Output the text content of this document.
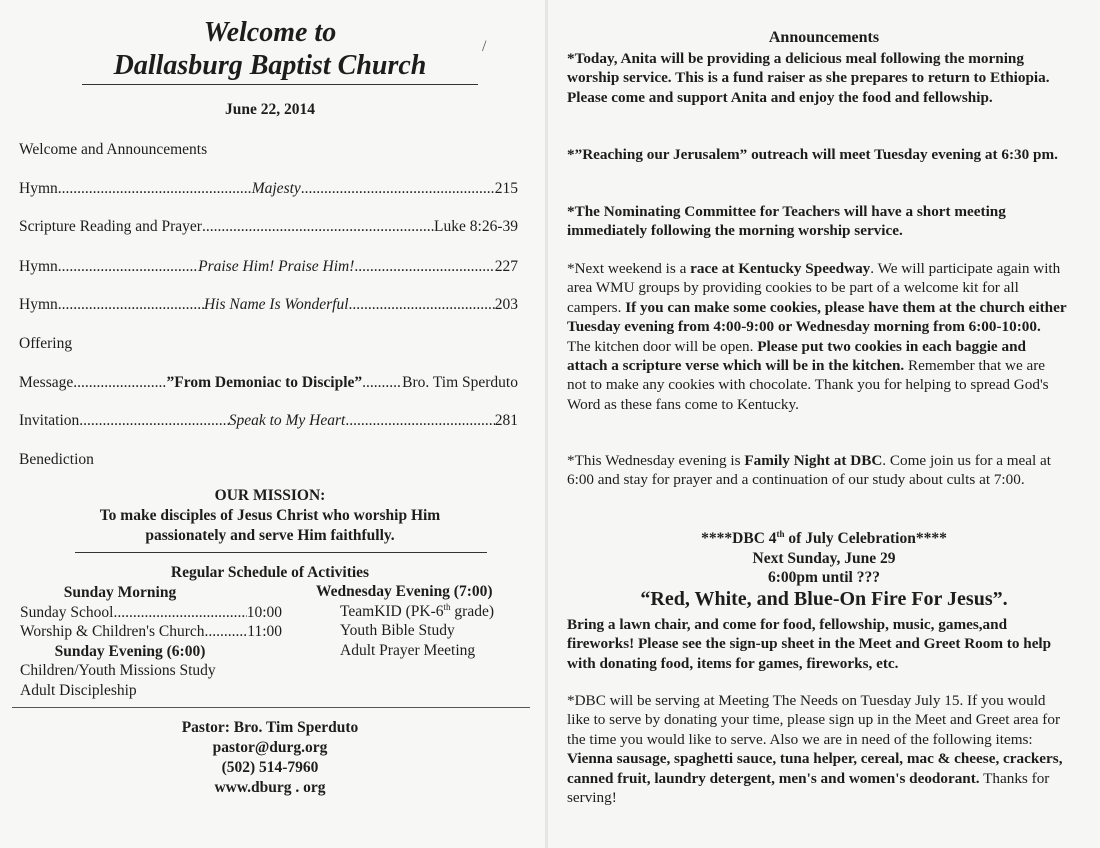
Welcome to
Dallasburg Baptist Church
/
June 22, 2014
Welcome and Announcements
Hymn .....	Majesty .....	215
Scripture Reading and Prayer .....	Luke 8:26-39
Hymn .....	Praise Him! Praise Him! .....	227
Hymn .....	His Name Is Wonderful .....	203
Offering
Message .....	”From Demoniac to Disciple” .....	Bro. Tim Sperduto
Invitation .....	Speak to My Heart .....	281
Benediction
OUR MISSION:
To make disciples of Jesus Christ who worship Him
passionately and serve Him faithfully.
Regular Schedule of Activities
Sunday Morning
Sunday School .....	10:00
Worship & Children's Church .....	11:00
Sunday Evening (6:00)
Children/Youth Missions Study
Adult Discipleship
Wednesday Evening (7:00)
TeamKID (PK-6th grade)
Youth Bible Study
Adult Prayer Meeting
Pastor: Bro. Tim Sperduto
pastor@durg.org
(502) 514-7960
www.dburg . org
Announcements
*Today, Anita will be providing a delicious meal following the morning worship service. This is a fund raiser as she prepares to return to Ethiopia. Please come and support Anita and enjoy the food and fellowship.
*”Reaching our Jerusalem” outreach will meet Tuesday evening at 6:30 pm.
*The Nominating Committee for Teachers will have a short meeting immediately following the morning worship service.
*Next weekend is a race at Kentucky Speedway. We will participate again with area WMU groups by providing cookies to be part of a welcome kit for all campers. If you can make some cookies, please have them at the church either Tuesday evening from 4:00-9:00 or Wednesday morning from 6:00-10:00. The kitchen door will be open. Please put two cookies in each baggie and attach a scripture verse which will be in the kitchen. Remember that we are not to make any cookies with chocolate. Thank you for helping to spread God's Word as these fans come to Kentucky.
*This Wednesday evening is Family Night at DBC. Come join us for a meal at 6:00 and stay for prayer and a continuation of our study about cults at 7:00.
****DBC 4th of July Celebration****
Next Sunday, June 29
6:00pm until ???
“Red, White, and Blue-On Fire For Jesus”.
Bring a lawn chair, and come for food, fellowship, music, games,and fireworks! Please see the sign-up sheet in the Meet and Greet Room to help with donating food, items for games, fireworks, etc.
*DBC will be serving at Meeting The Needs on Tuesday July 15. If you would like to serve by donating your time, please sign up in the Meet and Greet area for the time you would like to serve. Also we are in need of the following items: Vienna sausage, spaghetti sauce, tuna helper, cereal, mac & cheese, crackers, canned fruit, laundry detergent, men's and women's deodorant. Thanks for serving!
